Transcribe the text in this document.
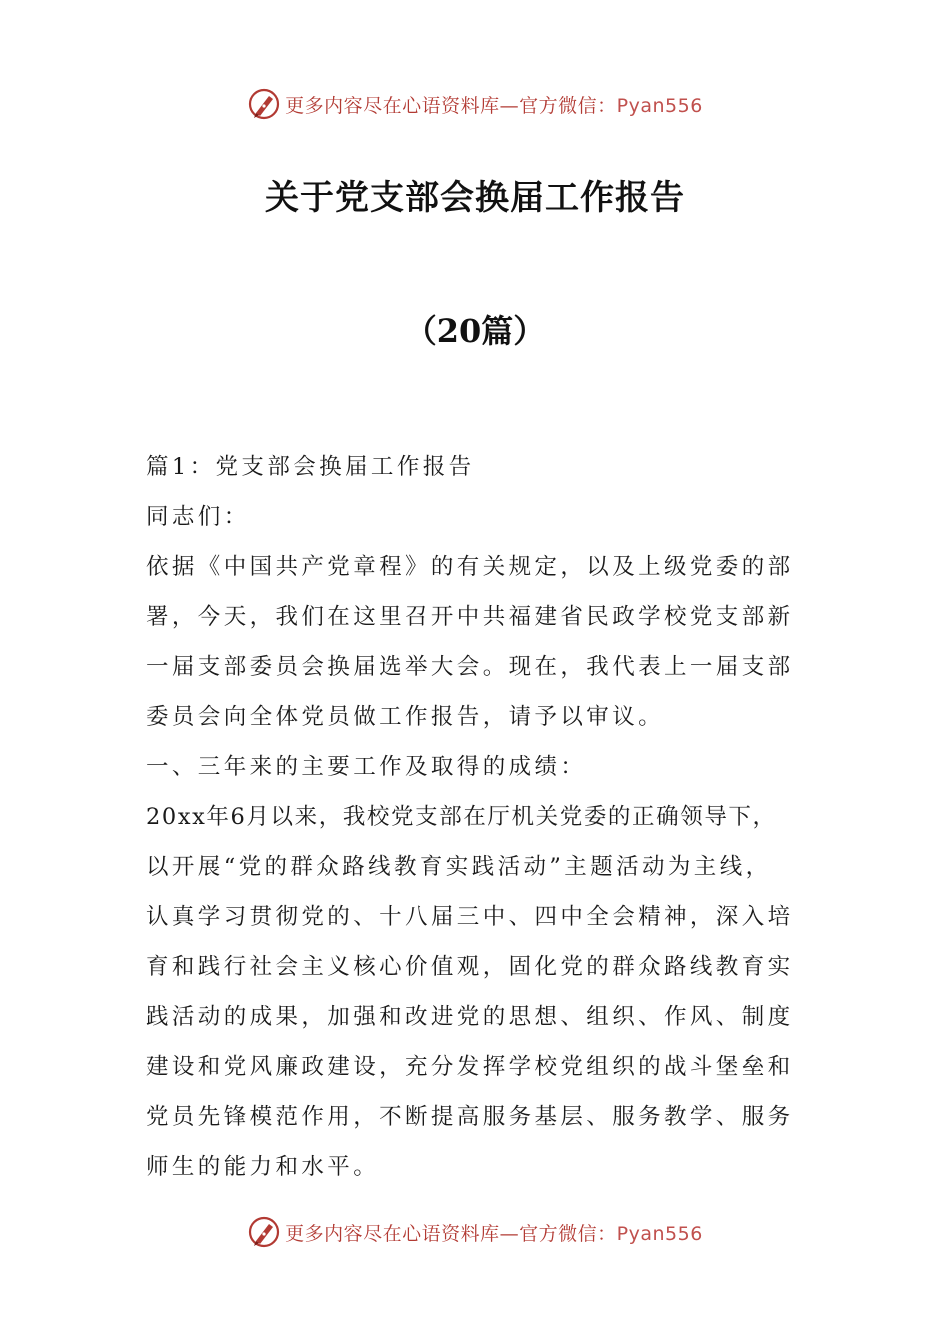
更多内容尽在心语资料库—官方微信：Pyan556
关于党支部会换届工作报告
（20篇）
篇1：党支部会换届工作报告
同志们：
依据《中国共产党章程》的有关规定，以及上级党委的部
署，今天，我们在这里召开中共福建省民政学校党支部新
一届支部委员会换届选举大会。现在，我代表上一届支部
委员会向全体党员做工作报告，请予以审议。
一、三年来的主要工作及取得的成绩：
20xx年6月以来，我校党支部在厅机关党委的正确领导下，
以开展“党的群众路线教育实践活动”主题活动为主线，
认真学习贯彻党的、十八届三中、四中全会精神，深入培
育和践行社会主义核心价值观，固化党的群众路线教育实
践活动的成果，加强和改进党的思想、组织、作风、制度
建设和党风廉政建设，充分发挥学校党组织的战斗堡垒和
党员先锋模范作用，不断提高服务基层、服务教学、服务
师生的能力和水平。
更多内容尽在心语资料库—官方微信：Pyan556
